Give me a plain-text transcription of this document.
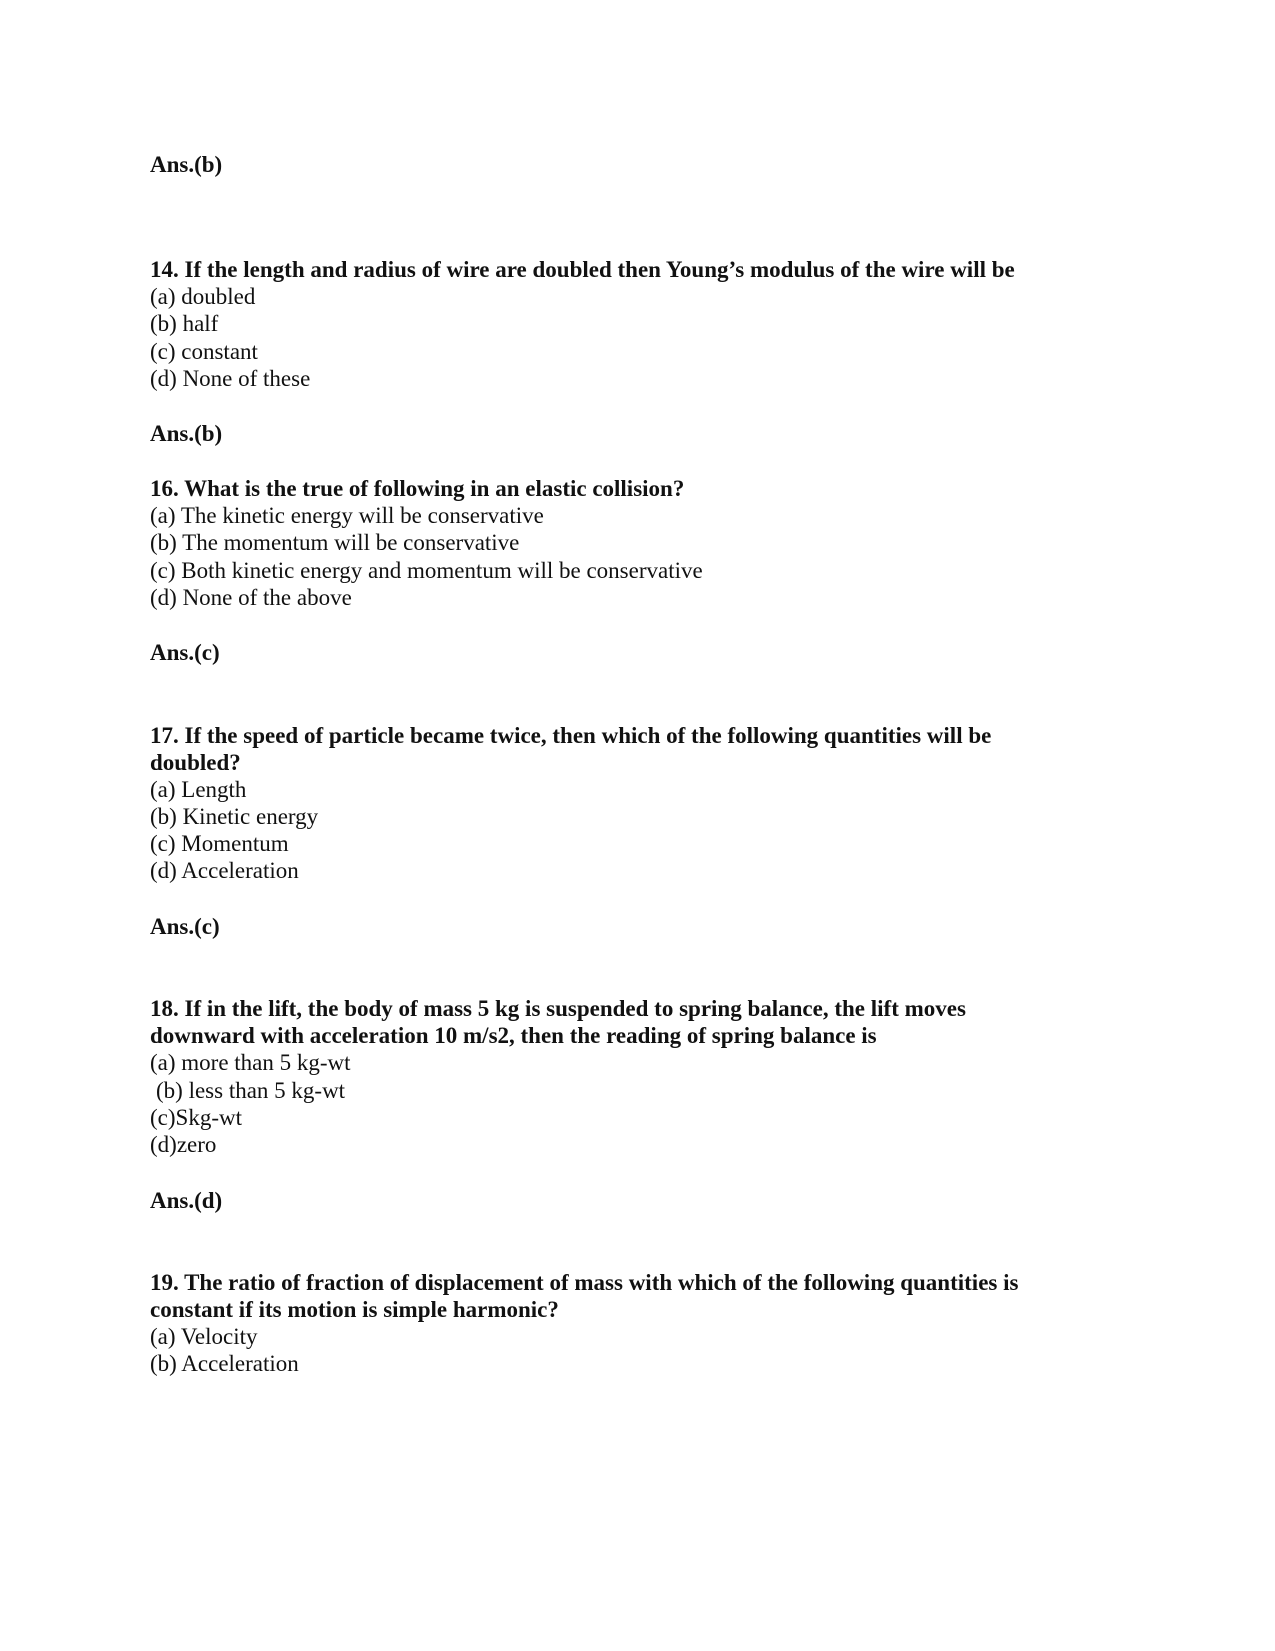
Ans.(b)
14. If the length and radius of wire are doubled then Young’s modulus of the wire will be
(a) doubled
(b) half
(c) constant
(d) None of these
Ans.(b)
16. What is the true of following in an elastic collision?
(a) The kinetic energy will be conservative
(b) The momentum will be conservative
(c) Both kinetic energy and momentum will be conservative
(d) None of the above
Ans.(c)
17. If the speed of particle became twice, then which of the following quantities will be
doubled?
(a) Length
(b) Kinetic energy
(c) Momentum
(d) Acceleration
Ans.(c)
18. If in the lift, the body of mass 5 kg is suspended to spring balance, the lift moves
downward with acceleration 10 m/s2, then the reading of spring balance is
(a) more than 5 kg-wt
(b) less than 5 kg-wt
(c)Skg-wt
(d)zero
Ans.(d)
19. The ratio of fraction of displacement of mass with which of the following quantities is
constant if its motion is simple harmonic?
(a) Velocity
(b) Acceleration
